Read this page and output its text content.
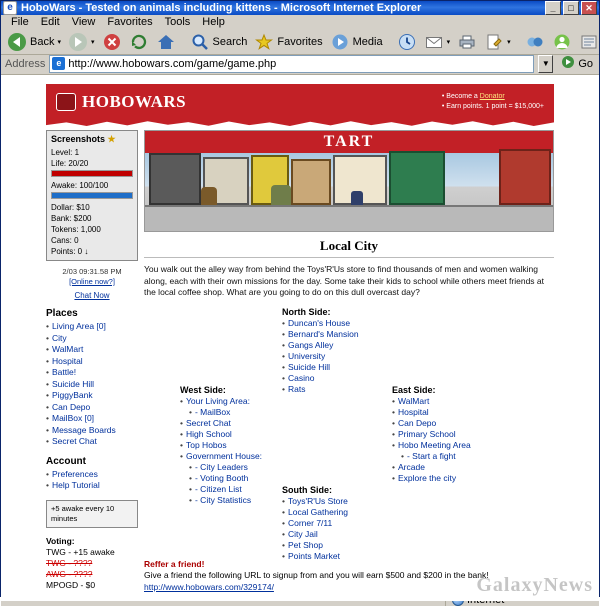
e HoboWars - Tested on animals including kittens - Microsoft Internet Explorer	_	□	✕
File	Edit	View	Favorites	Tools	Help
Back ▾	▾	Search	Favorites	Media	▾	▾
Address	e http://www.hobowars.com/game/game.php	▼	Go
HOBOWARS	• Become a Donator
• Earn points. 1 point = $15,000+
Screenshots ★
Level: 1
Life: 20/20
Awake: 100/100
Dollar: $10
Bank: $200
Tokens: 1,000
Cans: 0
Points: 0 ↓
2/03 09:31.58 PM
[Online now?]
Chat Now
Places
• Living Area [0]
• City
• WalMart
• Hospital
• Battle!
• Suicide Hill
• PiggyBank
• Can Depo
• MailBox [0]
• Message Boards
• Secret Chat
Account
• Preferences
• Help Tutorial
+5 awake every 10 minutes
Voting:
TWG - +15 awake
TWG - ????
AWG - ????
MPOGD - $0
TART
Local City
You walk out the alley way from behind the Toys'R'Us store to find thousands of men and women walking along, each with their own missions for the day. Some take their kids to school while others meet friends at the local coffee shop. What are you going to do on this dull overcast day?
North Side:
• Duncan's House
• Bernard's Mansion
• Gangs Alley
• University
• Suicide Hill
• Casino
• Rats
West Side:
• Your Living Area:
• - MailBox
• Secret Chat
• High School
• Top Hobos
• Government House:
• - City Leaders
• - Voting Booth
• - Citizen List
• - City Statistics
East Side:
• WalMart
• Hospital
• Can Depo
• Primary School
• Hobo Meeting Area
• - Start a fight
• Arcade
• Explore the city
South Side:
• Toys'R'Us Store
• Local Gathering
• Corner 7/11
• City Jail
• Pet Shop
• Points Market
Reffer a friend!
Give a friend the following URL to signup from and you will earn $500 and $200 in the bank!
http://www.hobowars.com/329174/	GalaxyNews
